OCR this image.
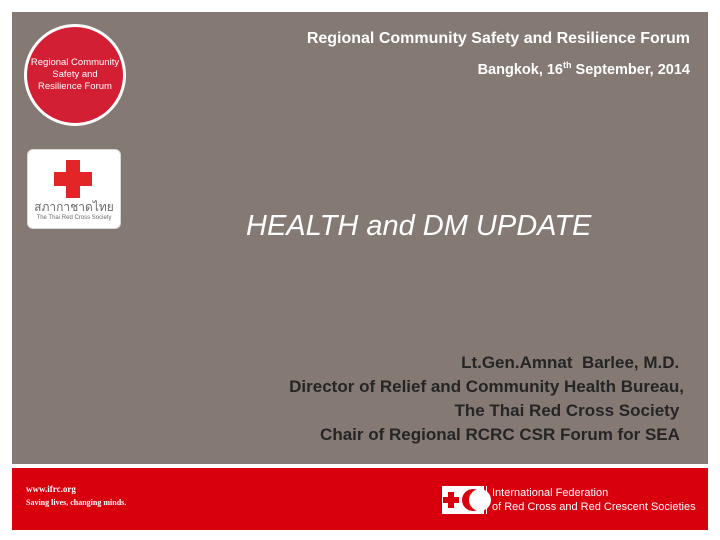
Regional Community Safety and Resilience Forum
สภากาชาดไทย
The Thai Red Cross Society
Regional Community Safety and Resilience Forum
Bangkok, 16th September, 2014
HEALTH and DM UPDATE
Lt.Gen.Amnat  Barlee, M.D.
Director of Relief and Community Health Bureau,
The Thai Red Cross Society
Chair of Regional RCRC CSR Forum for SEA
www.ifrc.org
Saving lives, changing minds.
International Federation
of Red Cross and Red Crescent Societies
